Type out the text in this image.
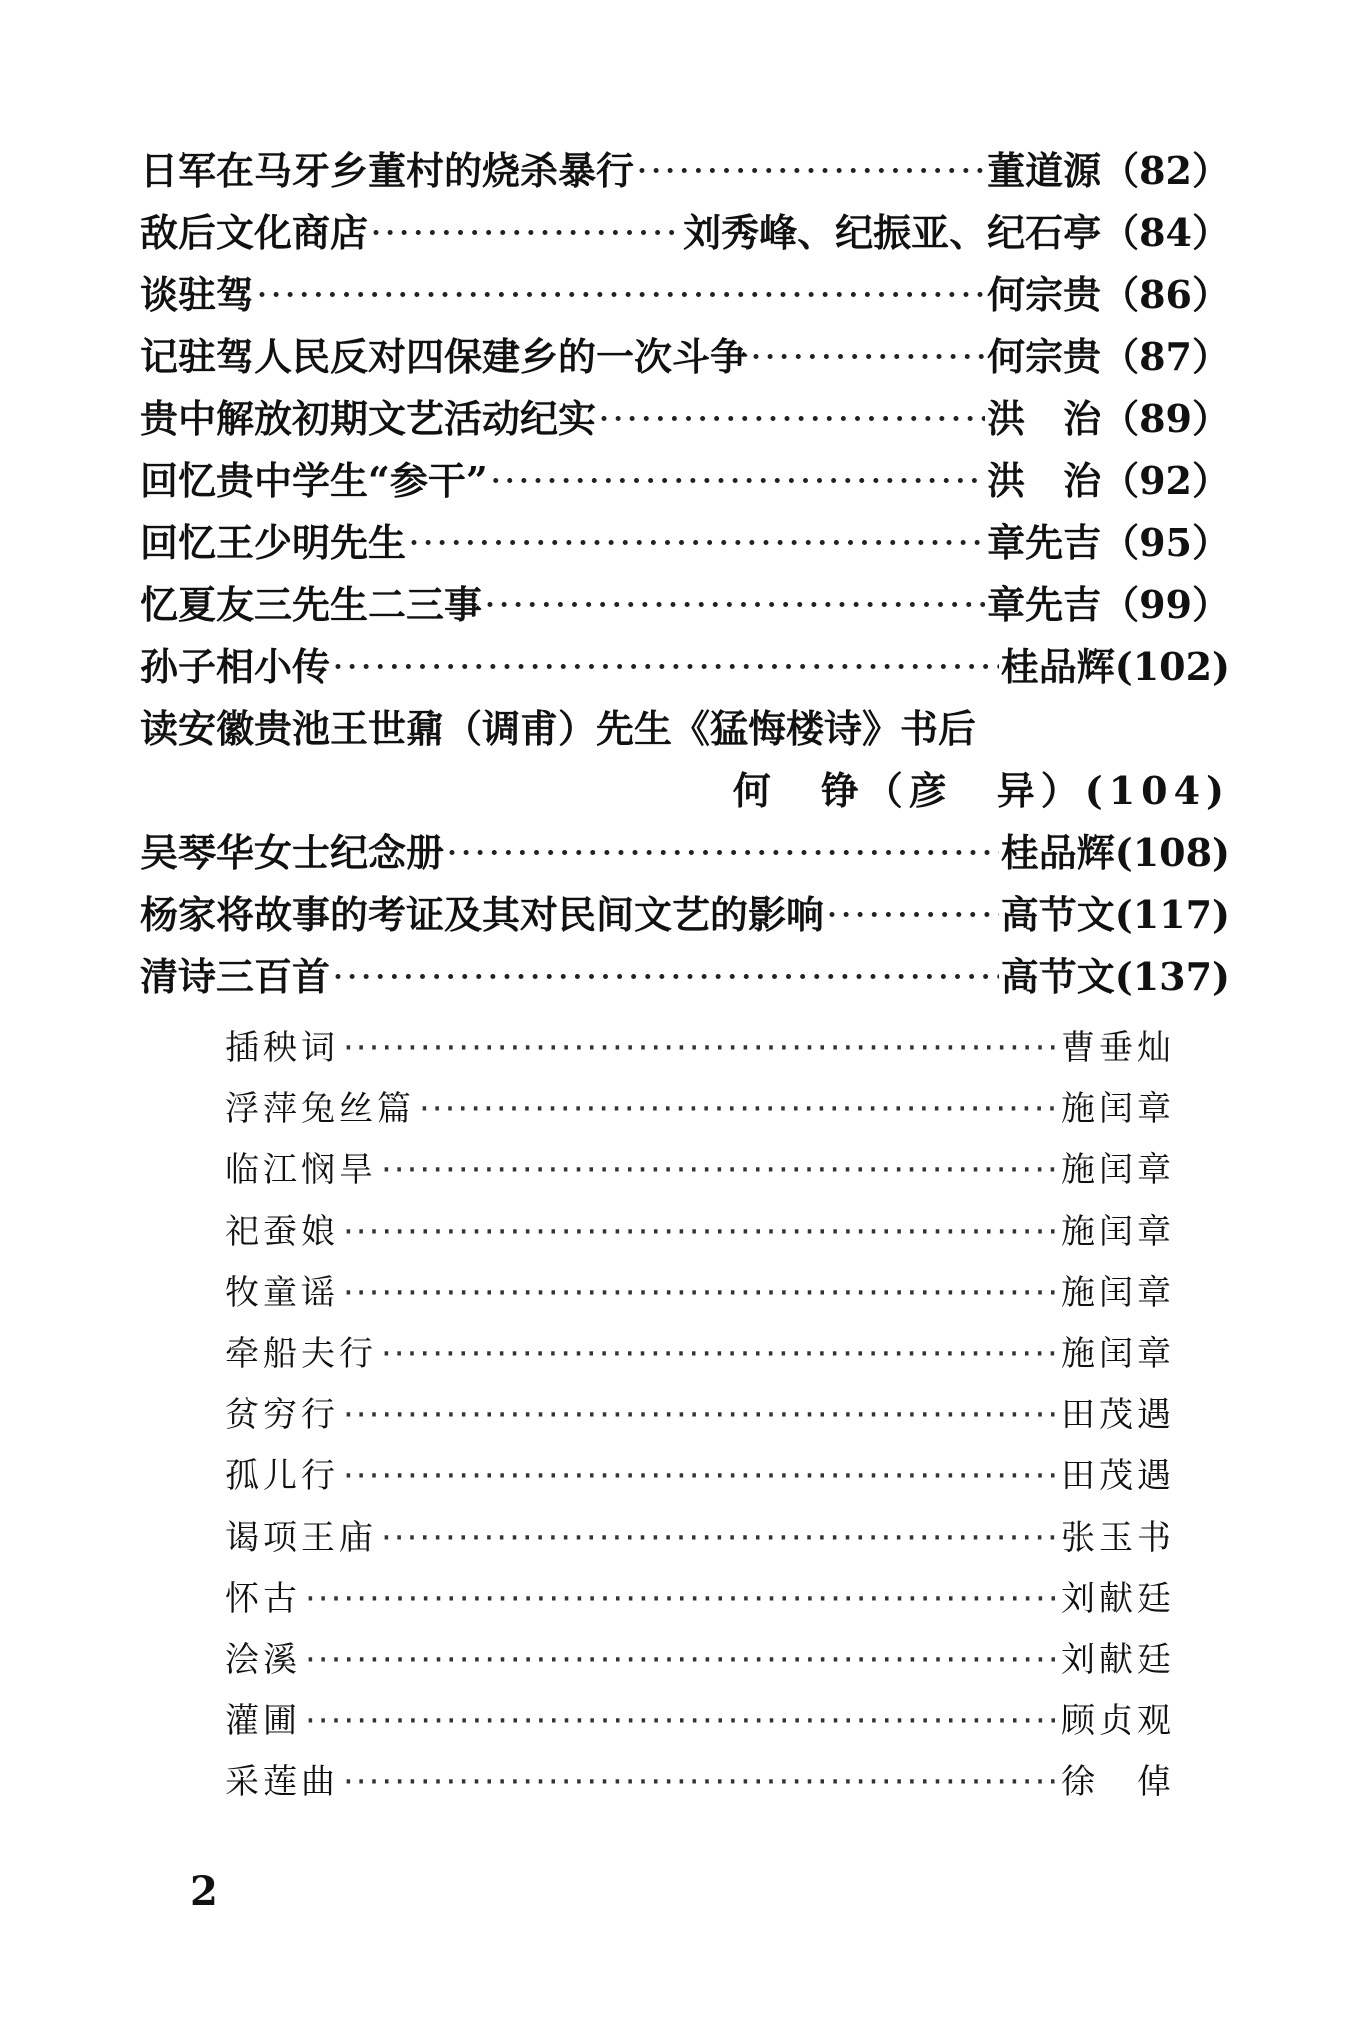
日军在马牙乡董村的烧杀暴行 ·····	董道源 （82）
敌后文化商店 ·····	刘秀峰、纪振亚、纪石亭 （84）
谈驻驾 ·····	何宗贵 （86）
记驻驾人民反对四保建乡的一次斗争 ·····	何宗贵 （87）
贵中解放初期文艺活动纪实 ·····	洪　治 （89）
回忆贵中学生“参干” ·····	洪　治 （92）
回忆王少明先生 ·····	章先吉 （95）
忆夏友三先生二三事 ·····	章先吉 （99）
孙子相小传 ·····	桂品辉 (102)
读安徽贵池王世鼐（调甫）先生《猛悔楼诗》书后
何　铮（彦　异） (104)
吴琴华女士纪念册 ·····	桂品辉 (108)
杨家将故事的考证及其对民间文艺的影响 ·····	高节文 (117)
清诗三百首 ·····	高节文 (137)
插秧词 ·····	曹垂灿
浮萍兔丝篇 ·····	施闰章
临江悯旱 ·····	施闰章
祀蚕娘 ·····	施闰章
牧童谣 ·····	施闰章
牵船夫行 ·····	施闰章
贫穷行 ·····	田茂遇
孤儿行 ·····	田茂遇
谒项王庙 ·····	张玉书
怀古 ·····	刘献廷
浍溪 ·····	刘献廷
灌圃 ·····	顾贞观
采莲曲 ·····	徐　倬
2
